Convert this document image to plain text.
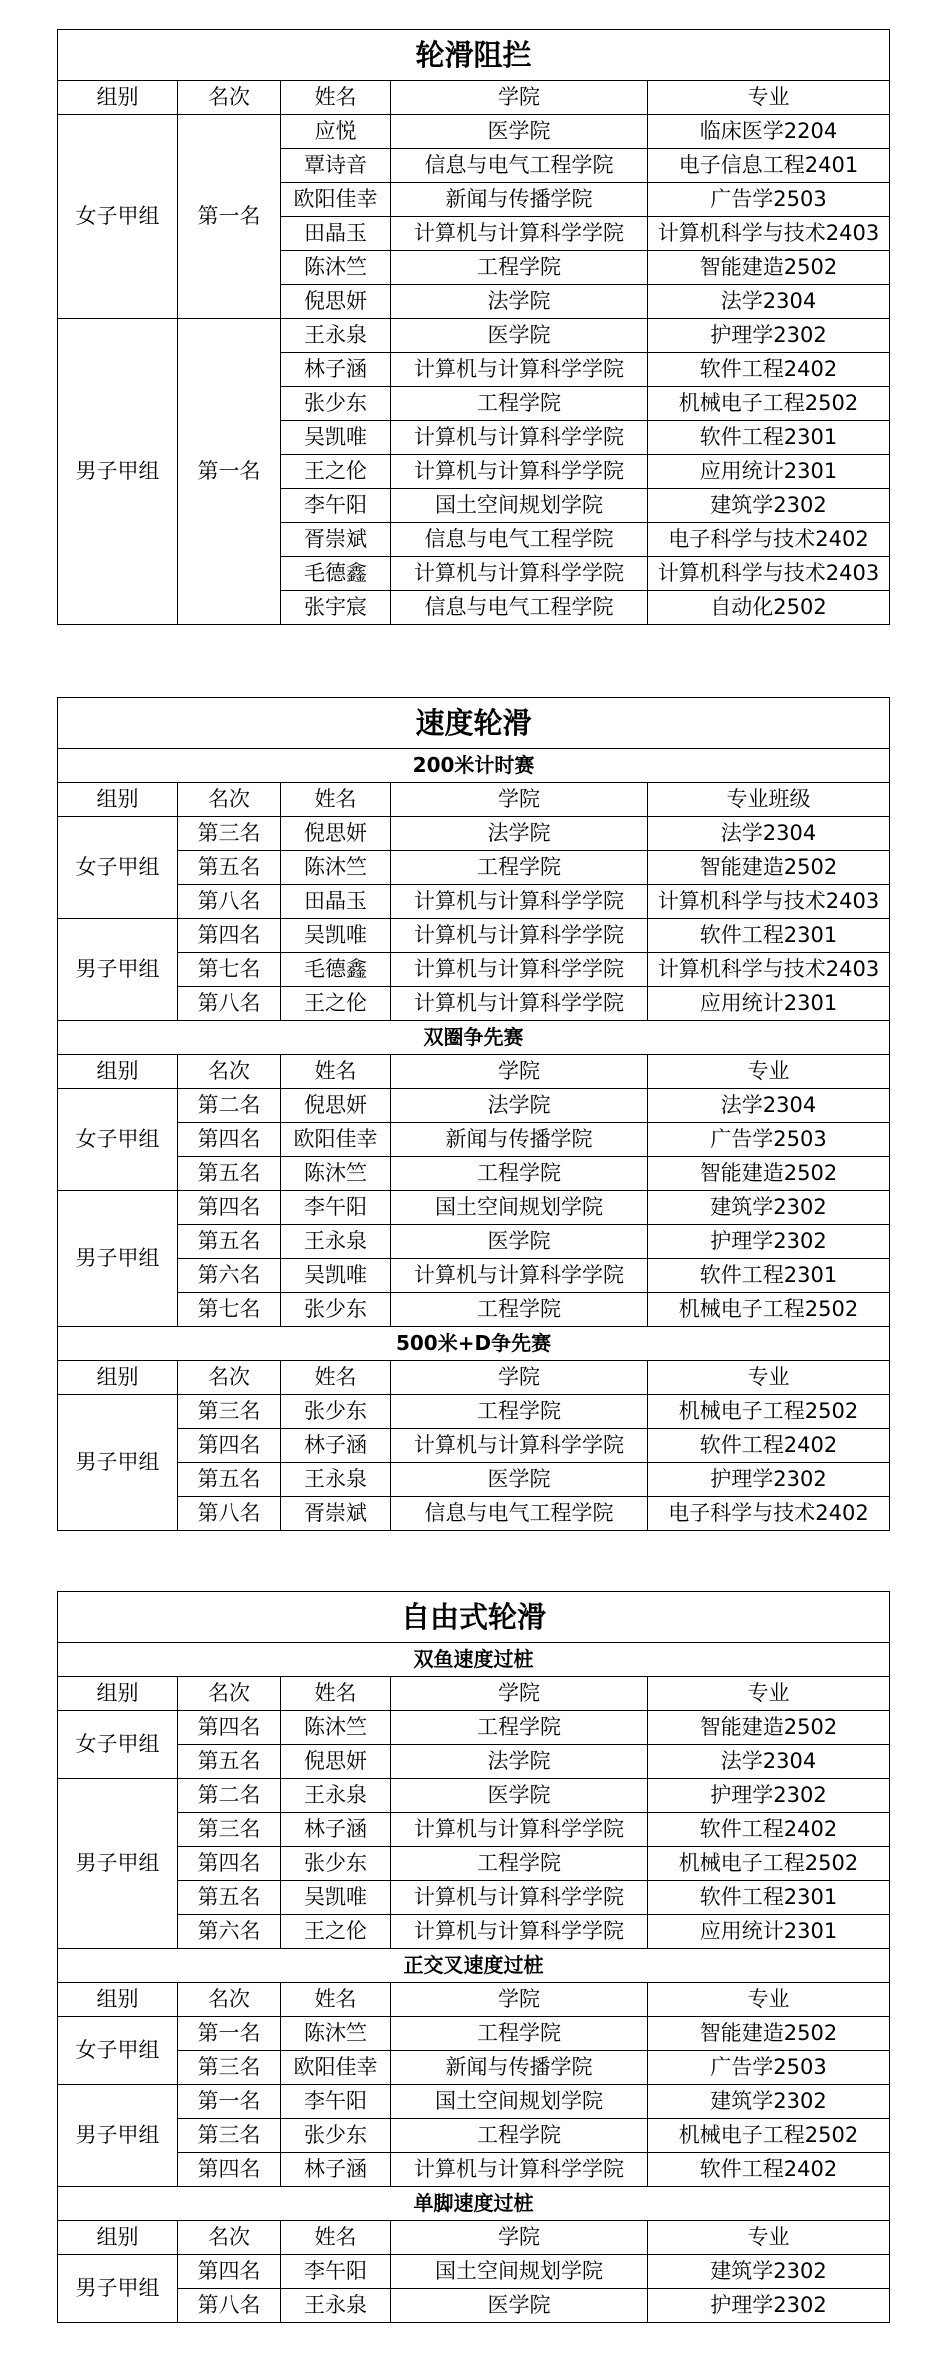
轮滑阻拦				
组别	名次	姓名	学院	专业
女子甲组	第一名	应悦	医学院	临床医学2204
		覃诗音	信息与电气工程学院	电子信息工程2401
		欧阳佳幸	新闻与传播学院	广告学2503
		田晶玉	计算机与计算科学学院	计算机科学与技术2403
		陈沐竺	工程学院	智能建造2502
		倪思妍	法学院	法学2304
男子甲组	第一名	王永泉	医学院	护理学2302
		林子涵	计算机与计算科学学院	软件工程2402
		张少东	工程学院	机械电子工程2502
		吴凯唯	计算机与计算科学学院	软件工程2301
		王之伦	计算机与计算科学学院	应用统计2301
		李午阳	国土空间规划学院	建筑学2302
		胥崇斌	信息与电气工程学院	电子科学与技术2402
		毛德鑫	计算机与计算科学学院	计算机科学与技术2403
		张宇宸	信息与电气工程学院	自动化2502
速度轮滑				
200米计时赛				
组别	名次	姓名	学院	专业班级
女子甲组	第三名	倪思妍	法学院	法学2304
	第五名	陈沐竺	工程学院	智能建造2502
	第八名	田晶玉	计算机与计算科学学院	计算机科学与技术2403
男子甲组	第四名	吴凯唯	计算机与计算科学学院	软件工程2301
	第七名	毛德鑫	计算机与计算科学学院	计算机科学与技术2403
	第八名	王之伦	计算机与计算科学学院	应用统计2301
双圈争先赛				
组别	名次	姓名	学院	专业
女子甲组	第二名	倪思妍	法学院	法学2304
	第四名	欧阳佳幸	新闻与传播学院	广告学2503
	第五名	陈沐竺	工程学院	智能建造2502
男子甲组	第四名	李午阳	国土空间规划学院	建筑学2302
	第五名	王永泉	医学院	护理学2302
	第六名	吴凯唯	计算机与计算科学学院	软件工程2301
	第七名	张少东	工程学院	机械电子工程2502
500米+D争先赛				
组别	名次	姓名	学院	专业
男子甲组	第三名	张少东	工程学院	机械电子工程2502
	第四名	林子涵	计算机与计算科学学院	软件工程2402
	第五名	王永泉	医学院	护理学2302
	第八名	胥崇斌	信息与电气工程学院	电子科学与技术2402
自由式轮滑				
双鱼速度过桩				
组别	名次	姓名	学院	专业
女子甲组	第四名	陈沐竺	工程学院	智能建造2502
	第五名	倪思妍	法学院	法学2304
男子甲组	第二名	王永泉	医学院	护理学2302
	第三名	林子涵	计算机与计算科学学院	软件工程2402
	第四名	张少东	工程学院	机械电子工程2502
	第五名	吴凯唯	计算机与计算科学学院	软件工程2301
	第六名	王之伦	计算机与计算科学学院	应用统计2301
正交叉速度过桩				
组别	名次	姓名	学院	专业
女子甲组	第一名	陈沐竺	工程学院	智能建造2502
	第三名	欧阳佳幸	新闻与传播学院	广告学2503
男子甲组	第一名	李午阳	国土空间规划学院	建筑学2302
	第三名	张少东	工程学院	机械电子工程2502
	第四名	林子涵	计算机与计算科学学院	软件工程2402
单脚速度过桩				
组别	名次	姓名	学院	专业
男子甲组	第四名	李午阳	国土空间规划学院	建筑学2302
	第八名	王永泉	医学院	护理学2302
